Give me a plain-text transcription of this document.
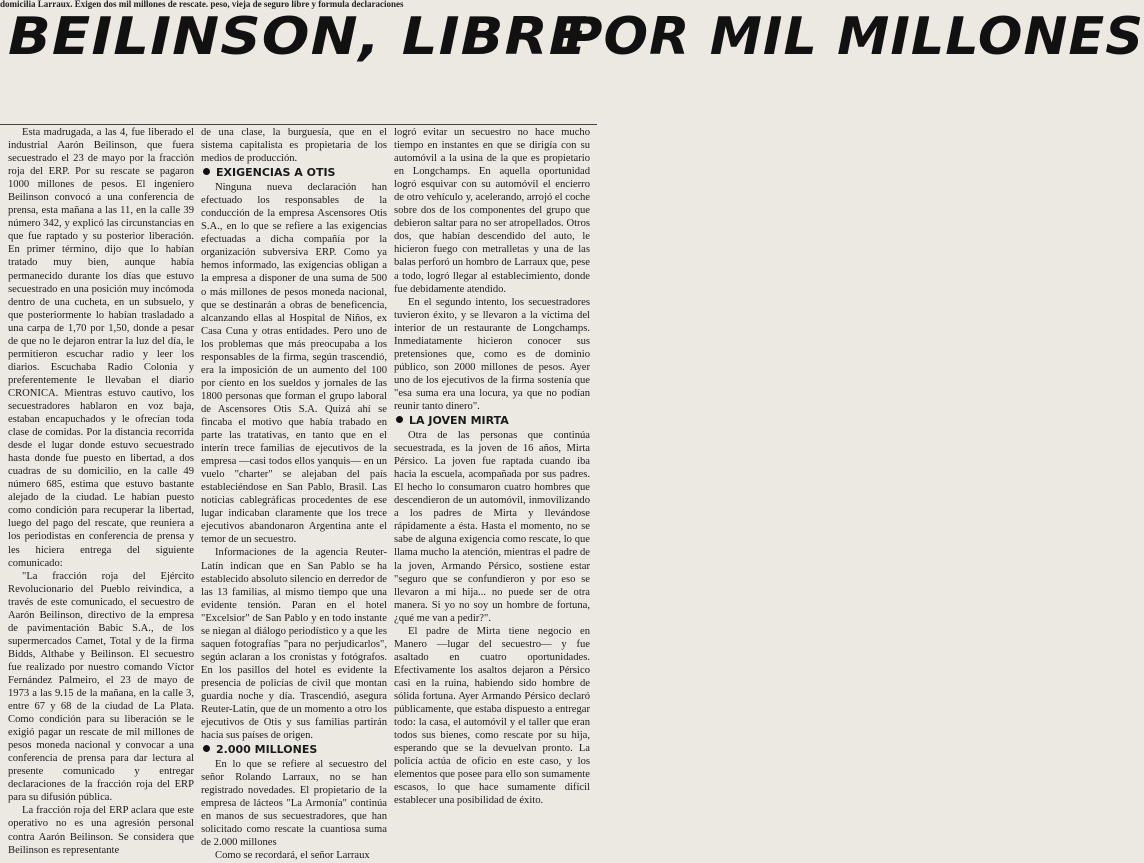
domicilia Larraux. Exigen dos mil millones de rescate. peso, vieja de seguro libre y formula declaraciones
BEILINSON, LIBRE POR MIL MILLONES

Esta madrugada, a las 4, fue liberado el industrial Aarón Beilinson, que fuera secuestrado el 23 de mayo por la fracción roja del ERP. Por su rescate se pagaron 1000 millones de pesos. El ingeniero Beilinson convocó a una conferencia de prensa, esta mañana a las 11, en la calle 39 número 342, y explicó las circunstancias en que fue raptado y su posterior liberación. En primer término, dijo que lo habían tratado muy bien, aunque había permanecido durante los días que estuvo secuestrado en una posición muy incómoda dentro de una cucheta, en un subsuelo, y que posteriormente lo habían trasladado a una carpa de 1,70 por 1,50, donde a pesar de que no le dejaron entrar la luz del día, le permitieron escuchar radio y leer los diarios. Escuchaba Radio Colonia y preferentemente le llevaban el diario CRONICA. Mientras estuvo cautivo, los secuestradores hablaron en voz baja, estaban encapuchados y le ofrecían toda clase de comidas. Por la distancia recorrida desde el lugar donde estuvo secuestrado hasta donde fue puesto en libertad, a dos cuadras de su domicilio, en la calle 49 número 685, estima que estuvo bastante alejado de la ciudad. Le habían puesto como condición para recuperar la libertad, luego del pago del rescate, que reuniera a los periodistas en conferencia de prensa y les hiciera entrega del siguiente comunicado:

"La fracción roja del Ejército Revolucionario del Pueblo reivindica, a través de este comunicado, el secuestro de Aarón Beilinson, directivo de la empresa de pavimentación Babic S.A., de los supermercados Camet, Total y de la firma Bidds, Althabe y Beilinson. El secuestro fue realizado por nuestro comando Víctor Fernández Palmeiro, el 23 de mayo de 1973 a las 9.15 de la mañana, en la calle 3, entre 67 y 68 de la ciudad de La Plata. Como condición para su liberación se le exigió pagar un rescate de mil millones de pesos moneda nacional y convocar a una conferencia de prensa para dar lectura al presente comunicado y entregar declaraciones de la fracción roja del ERP para su difusión pública.

La fracción roja del ERP aclara que este operativo no es una agresión personal contra Aarón Beilinson. Se considera que Beilinson es representante

de una clase, la burguesía, que en el sistema capitalista es propietaria de los medios de producción.

EXIGENCIAS A OTIS

Ninguna nueva declaración han efectuado los responsables de la conducción de la empresa Ascensores Otis S.A., en lo que se refiere a las exigencias efectuadas a dicha compañía por la organización subversiva ERP. Como ya hemos informado, las exigencias obligan a la empresa a disponer de una suma de 500 o más millones de pesos moneda nacional, que se destinarán a obras de beneficencia, alcanzando ellas al Hospital de Niños, ex Casa Cuna y otras entidades. Pero uno de los problemas que más preocupaba a los responsables de la firma, según trascendió, era la imposición de un aumento del 100 por ciento en los sueldos y jornales de las 1800 personas que forman el grupo laboral de Ascensores Otis S.A. Quizá ahí se fincaba el motivo que había trabado en parte las tratativas, en tanto que en el interín trece familias de ejecutivos de la empresa —casi todos ellos yanquis— en un vuelo "charter" se alejaban del país estableciéndose en San Pablo, Brasil. Las noticias cablegráficas procedentes de ese lugar indicaban claramente que los trece ejecutivos abandonaron Argentina ante el temor de un secuestro.

Informaciones de la agencia Reuter-Latín indican que en San Pablo se ha establecido absoluto silencio en derredor de las 13 familias, al mismo tiempo que una evidente tensión. Paran en el hotel "Excelsior" de San Pablo y en todo instante se niegan al diálogo periodístico y a que les saquen fotografías "para no perjudicarlos", según aclaran a los cronistas y fotógrafos. En los pasillos del hotel es evidente la presencia de policías de civil que montan guardia noche y día. Trascendió, asegura Reuter-Latín, que de un momento a otro los ejecutivos de Otis y sus familias partirán hacia sus países de origen.

2.000 MILLONES

En lo que se refiere al secuestro del señor Rolando Larraux, no se han registrado novedades. El propietario de la empresa de lácteos "La Armonía" continúa en manos de sus secuestradores, que han solicitado como rescate la cuantiosa suma de 2.000 millones

Como se recordará, el señor Larraux

logró evitar un secuestro no hace mucho tiempo en instantes en que se dirigía con su automóvil a la usina de la que es propietario en Longchamps. En aquella oportunidad logró esquivar con su automóvil el encierro de otro vehículo y, acelerando, arrojó el coche sobre dos de los componentes del grupo que debieron saltar para no ser atropellados. Otros dos, que habían descendido del auto, le hicieron fuego con metralletas y una de las balas perforó un hombro de Larraux que, pese a todo, logró llegar al establecimiento, donde fue debidamente atendido.

En el segundo intento, los secuestradores tuvieron éxito, y se llevaron a la víctima del interior de un restaurante de Longchamps. Inmediatamente hicieron conocer sus pretensiones que, como es de dominio público, son 2000 millones de pesos. Ayer uno de los ejecutivos de la firma sostenía que "esa suma era una locura, ya que no podían reunir tanto dinero".

LA JOVEN MIRTA

Otra de las personas que continúa secuestrada, es la joven de 16 años, Mirta Pérsico. La joven fue raptada cuando iba hacia la escuela, acompañada por sus padres. El hecho lo consumaron cuatro hombres que descendieron de un automóvil, inmovilizando a los padres de Mirta y llevándose rápidamente a ésta. Hasta el momento, no se sabe de alguna exigencia como rescate, lo que llama mucho la atención, mientras el padre de la joven, Armando Pérsico, sostiene estar "seguro que se confundieron y por eso se llevaron a mi hija... no puede ser de otra manera. Si yo no soy un hombre de fortuna, ¿qué me van a pedir?".

El padre de Mirta tiene negocio en Manero —lugar del secuestro— y fue asaltado en cuatro oportunidades. Efectivamente los asaltos dejaron a Pérsico casi en la ruina, habiendo sido hombre de sólida fortuna. Ayer Armando Pérsico declaró públicamente, que estaba dispuesto a entregar todo: la casa, el automóvil y el taller que eran todos sus bienes, como rescate por su hija, esperando que se la devuelvan pronto. La policía actúa de oficio en este caso, y los elementos que posee para ello son sumamente escasos, lo que hace sumamente difícil establecer una posibilidad de éxito.
